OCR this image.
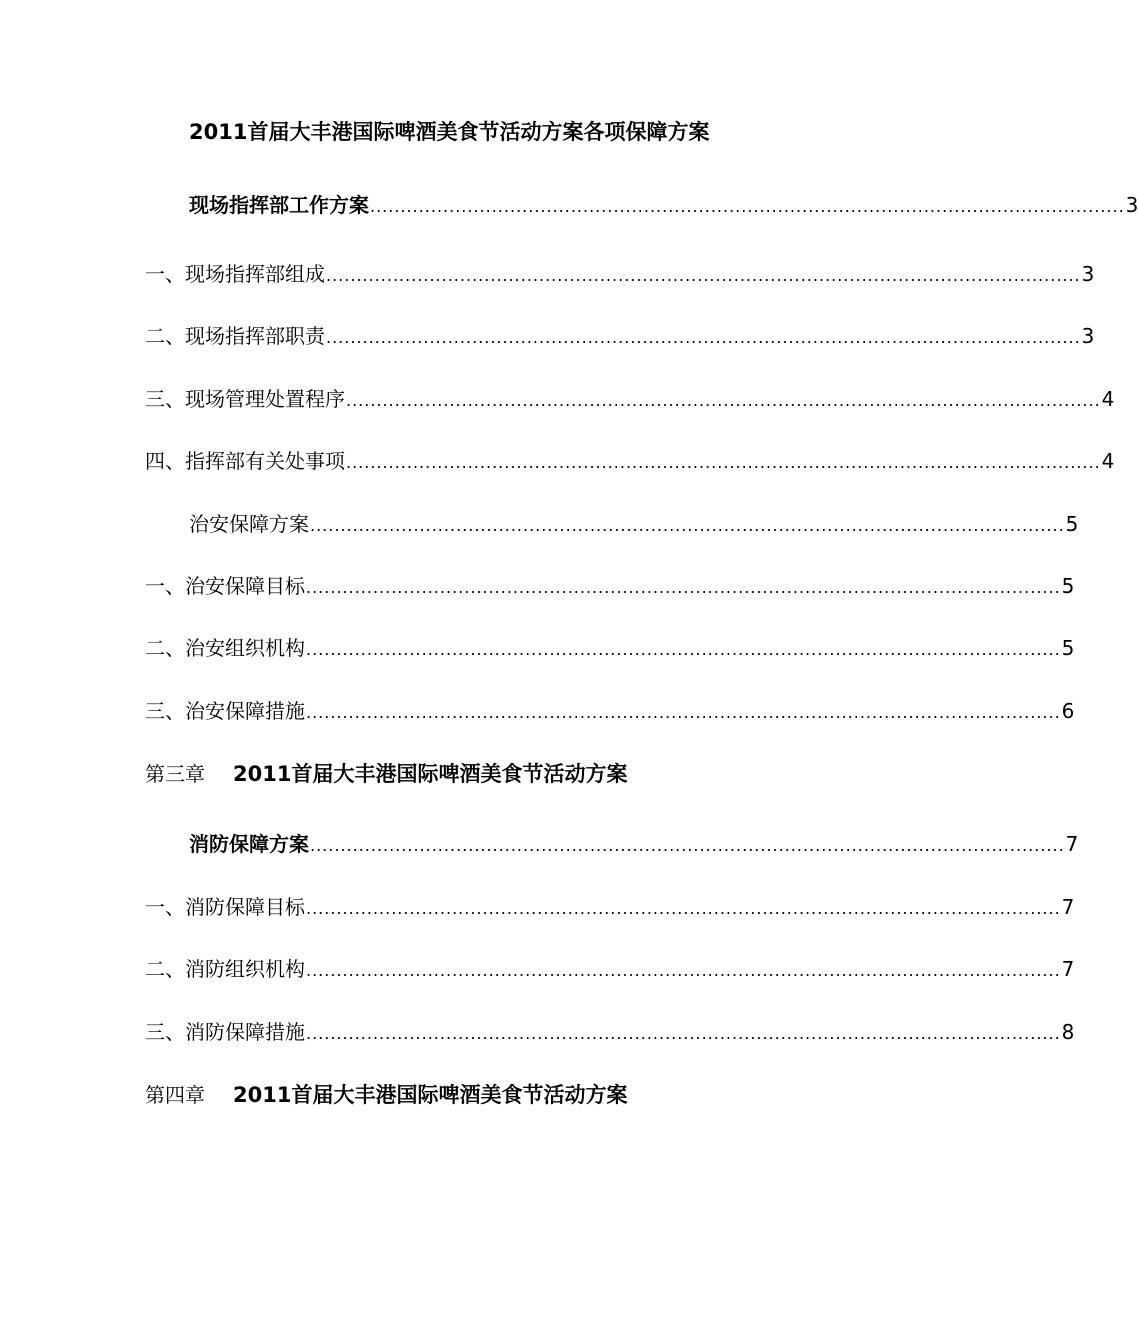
2011首届大丰港国际啤酒美食节活动方案各项保障方案
现场指挥部工作方案 ............................................................................................................................ 3
一、现场指挥部组成 ............................................................................................................................ 3
二、现场指挥部职责 ............................................................................................................................ 3
三、现场管理处置程序 ............................................................................................................................ 4
四、指挥部有关处事项 ............................................................................................................................ 4
治安保障方案 ............................................................................................................................ 5
一、治安保障目标 ............................................................................................................................ 5
二、治安组织机构 ............................................................................................................................ 5
三、治安保障措施 ............................................................................................................................ 6
第三章 2011首届大丰港国际啤酒美食节活动方案
消防保障方案 ............................................................................................................................ 7
一、消防保障目标 ............................................................................................................................ 7
二、消防组织机构 ............................................................................................................................ 7
三、消防保障措施 ............................................................................................................................ 8
第四章 2011首届大丰港国际啤酒美食节活动方案
